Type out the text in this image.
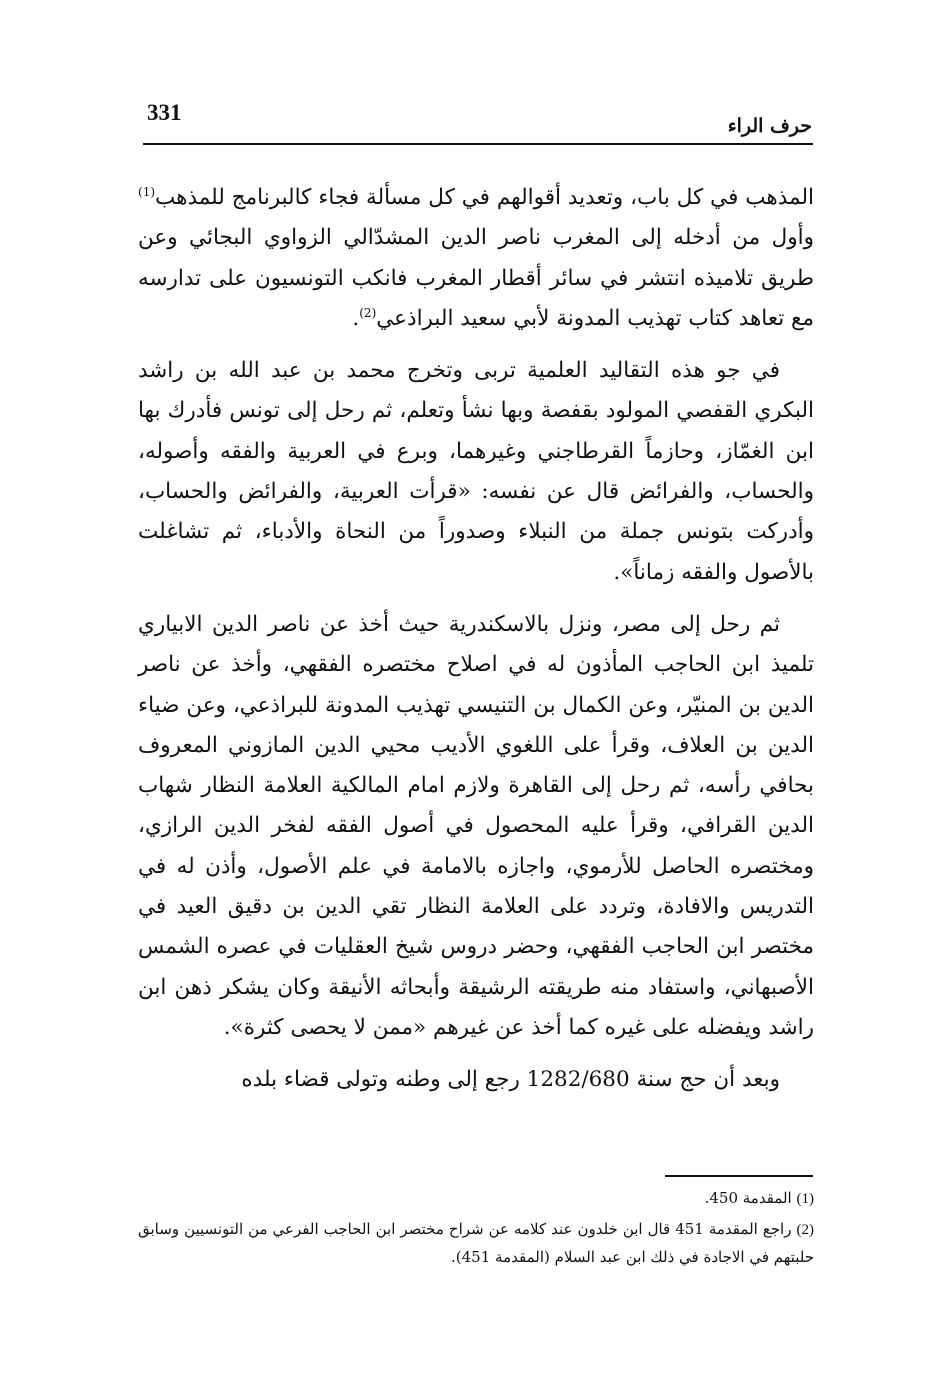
331
حرف الراء

المذهب في كل باب، وتعديد أقوالهم في كل مسألة فجاء كالبرنامج للمذهب$^{(1)}$ وأول من أدخله إلى المغرب ناصر الدين المشدّالي الزواوي البجائي وعن طريق تلاميذه انتشر في سائر أقطار المغرب فانكب التونسيون على تدارسه مع تعاهد كتاب تهذيب المدونة لأبي سعيد البراذعي$^{(2)}$.

في جو هذه التقاليد العلمية تربى وتخرج محمد بن عبد الله بن راشد البكري القفصي المولود بقفصة وبها نشأ وتعلم، ثم رحل إلى تونس فأدرك بها ابن الغمّاز، وحازماً القرطاجني وغيرهما، وبرع في العربية والفقه وأصوله، والحساب، والفرائض قال عن نفسه: «قرأت العربية، والفرائض والحساب، وأدركت بتونس جملة من النبلاء وصدوراً من النحاة والأدباء، ثم تشاغلت بالأصول والفقه زماناً».

ثم رحل إلى مصر، ونزل بالاسكندرية حيث أخذ عن ناصر الدين الابياري تلميذ ابن الحاجب المأذون له في اصلاح مختصره الفقهي، وأخذ عن ناصر الدين بن المنيّر، وعن الكمال بن التنيسي تهذيب المدونة للبراذعي، وعن ضياء الدين بن العلاف، وقرأ على اللغوي الأديب محيي الدين المازوني المعروف بحافي رأسه، ثم رحل إلى القاهرة ولازم امام المالكية العلامة النظار شهاب الدين القرافي، وقرأ عليه المحصول في أصول الفقه لفخر الدين الرازي، ومختصره الحاصل للأرموي، واجازه بالامامة في علم الأصول، وأذن له في التدريس والافادة، وتردد على العلامة النظار تقي الدين بن دقيق العيد في مختصر ابن الحاجب الفقهي، وحضر دروس شيخ العقليات في عصره الشمس الأصبهاني، واستفاد منه طريقته الرشيقة وأبحاثه الأنيقة وكان يشكر ذهن ابن راشد ويفضله على غيره كما أخذ عن غيرهم «ممن لا يحصى كثرة».

وبعد أن حج سنة 1282/680 رجع إلى وطنه وتولى قضاء بلده

(1) المقدمة 450.

(2) راجع المقدمة 451 قال ابن خلدون عند كلامه عن شراح مختصر ابن الحاجب الفرعي من التونسيين وسابق حلبتهم في الاجادة في ذلك ابن عبد السلام (المقدمة 451).
